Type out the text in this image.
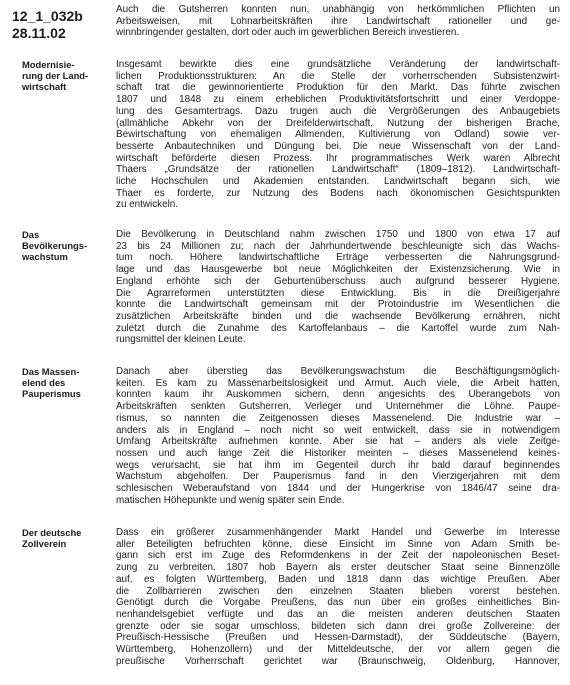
12_1_032b
28.11.02
Auch die Gutsherren konnten nun, unabhängig von herkömmlichen Pflichten un
Arbeitsweisen, mit Lohnarbeitskräften ihre Landwirtschaft rationeller und ge-
winnbringender gestalten, dort oder auch im gewerblichen Bereich investieren.
Modernisie-
rung der Land-
wirtschaft
Insgesamt bewirkte dies eine grundsätzliche Veränderung der landwirtschaft-
lichen Produktionsstrukturen: An die Stelle der vorherrschenden Subsistenzwirt-
schaft trat die gewinnorientierte Produktion für den Markt. Das führte zwischen
1807 und 1848 zu einem erheblichen Produktivitätsfortschritt und einer Verdoppe-
lung des Gesamtertrags. Dazu trugen auch die Vergrößerungen des Anbaugebiets
(allmähliche Abkehr von der Dreifelderwirtschaft, Nutzung der bisherigen Brache,
Bewirtschaftung von ehemaligen Allmenden, Kultivierung von Ödland) sowie ver-
besserte Anbautechniken und Düngung bei. Die neue Wissenschaft von der Land-
wirtschaft beförderte diesen Prozess. Ihr programmatisches Werk waren Albrecht
Thaers „Grundsätze der rationellen Landwirtschaft“ (1809–1812). Landwirtschaft-
liche Hochschulen und Akademien entstanden. Landwirtschaft begann sich, wie
Thaer es forderte, zur Nutzung des Bodens nach ökonomischen Gesichtspunkten
zu entwickeln.
Das
Bevölkerungs-
wachstum
Die Bevölkerung in Deutschland nahm zwischen 1750 und 1800 von etwa 17 auf
23 bis 24 Millionen zu; nach der Jahrhundertwende beschleunigte sich das Wachs-
tum noch. Höhere landwirtschaftliche Erträge verbesserten die Nahrungsgrund-
lage und das Hausgewerbe bot neue Möglichkeiten der Existenzsicherung. Wie in
England erhöhte sich der Geburtenüberschuss auch aufgrund besserer Hygiene.
Die Agrarreformen unterstützten diese Entwicklung. Bis in die Dreißigerjahre
konnte die Landwirtschaft gemeinsam mit der Protoindustrie im Wesentlichen die
zusätzlichen Arbeitskräfte binden und die wachsende Bevölkerung ernähren, nicht
zuletzt durch die Zunahme des Kartoffelanbaus – die Kartoffel wurde zum Nah-
rungsmittel der kleinen Leute.
Das Massen-
elend des
Pauperismus
Danach aber überstieg das Bevölkerungswachstum die Beschäftigungsmöglich-
keiten. Es kam zu Massenarbeitslosigkeit und Armut. Auch viele, die Arbeit hatten,
konnten kaum ihr Auskommen sichern, denn angesichts des Überangebots von
Arbeitskräften senkten Gutsherren, Verleger und Unternehmer die Löhne. Paupe-
rismus, so nannten die Zeitgenossen dieses Massenelend. Die Industrie war –
anders als in England – noch nicht so weit entwickelt, dass sie in notwendigem
Umfang Arbeitskräfte aufnehmen konnte. Aber sie hat – anders als viele Zeitge-
nossen und auch lange Zeit die Historiker meinten – dieses Massenelend keines-
wegs verursacht, sie hat ihm im Gegenteil durch ihr bald darauf beginnendes
Wachstum abgeholfen. Der Pauperismus fand in den Vierzigerjahren mit dem
schlesischen Weberaufstand von 1844 und der Hungerkrise von 1846/47 seine dra-
matischen Höhepunkte und wenig später sein Ende.
Der deutsche
Zollverein
Dass ein größerer zusammenhängender Markt Handel und Gewerbe im Interesse
aller Beteiligten befruchten könne, diese Einsicht im Sinne von Adam Smith be-
gann sich erst im Zuge des Reformdenkens in der Zeit der napoleonischen Beset-
zung zu verbreiten. 1807 hob Bayern als erster deutscher Staat seine Binnenzölle
auf, es folgten Württemberg, Baden und 1818 dann das wichtige Preußen. Aber
die Zollbarrieren zwischen den einzelnen Staaten blieben vorerst bestehen.
Genötigt durch die Vorgabe Preußens, das nun über ein großes einheitliches Bin-
nenhandelsgebiet verfügte und das an die meisten anderen deutschen Staaten
grenzte oder sie sogar umschloss, bildeten sich dann drei große Zollvereine: der
Preußisch-Hessische (Preußen und Hessen-Darmstadt), der Süddeutsche (Bayern,
Württemberg, Hohenzollern) und der Mitteldeutsche, der vor allem gegen die
preußische Vorherrschaft gerichtet war (Braunschweig, Oldenburg, Hannover,
